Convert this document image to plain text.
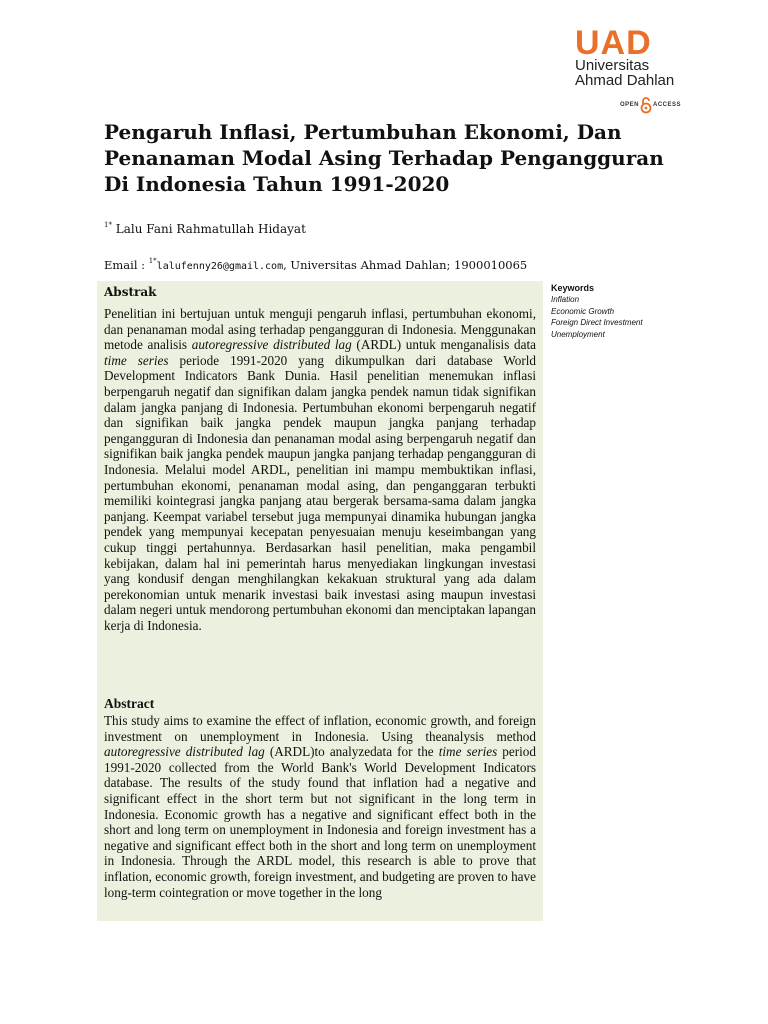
UAD
Universitas
Ahmad Dahlan
OPEN ACCESS
Pengaruh Inflasi, Pertumbuhan Ekonomi, Dan Penanaman Modal Asing Terhadap Pengangguran Di Indonesia Tahun 1991-2020
$^{1*}$ Lalu Fani Rahmatullah Hidayat
Email : $^{1*}$lalufenny26@gmail.com, Universitas Ahmad Dahlan; 1900010065
Abstrak

Penelitian ini bertujuan untuk menguji pengaruh inflasi, pertumbuhan ekonomi, dan penanaman modal asing terhadap pengangguran di Indonesia. Menggunakan metode analisis autoregressive distributed lag (ARDL) untuk menganalisis data time series periode 1991-2020 yang dikumpulkan dari database World Development Indicators Bank Dunia. Hasil penelitian menemukan inflasi berpengaruh negatif dan signifikan dalam jangka pendek namun tidak signifikan dalam jangka panjang di Indonesia. Pertumbuhan ekonomi berpengaruh negatif dan signifikan baik jangka pendek maupun jangka panjang terhadap pengangguran di Indonesia dan penanaman modal asing berpengaruh negatif dan signifikan baik jangka pendek maupun jangka panjang terhadap pengangguran di Indonesia. Melalui model ARDL, penelitian ini mampu membuktikan inflasi, pertumbuhan ekonomi, penanaman modal asing, dan penganggaran terbukti memiliki kointegrasi jangka panjang atau bergerak bersama-sama dalam jangka panjang. Keempat variabel tersebut juga mempunyai dinamika hubungan jangka pendek yang mempunyai kecepatan penyesuaian menuju keseimbangan yang cukup tinggi pertahunnya. Berdasarkan hasil penelitian, maka pengambil kebijakan, dalam hal ini pemerintah harus menyediakan lingkungan investasi yang kondusif dengan menghilangkan kekakuan struktural yang ada dalam perekonomian untuk menarik investasi baik investasi asing maupun investasi dalam negeri untuk mendorong pertumbuhan ekonomi dan menciptakan lapangan kerja di Indonesia.

Abstract

This study aims to examine the effect of inflation, economic growth, and foreign investment on unemployment in Indonesia. Using theanalysis method autoregressive distributed lag (ARDL)to analyzedata for the time series period 1991-2020 collected from the World Bank's World Development Indicators database. The results of the study found that inflation had a negative and significant effect in the short term but not significant in the long term in Indonesia. Economic growth has a negative and significant effect both in the short and long term on unemployment in Indonesia and foreign investment has a negative and significant effect both in the short and long term on unemployment in Indonesia. Through the ARDL model, this research is able to prove that inflation, economic growth, foreign investment, and budgeting are proven to have long-term cointegration or move together in the long

Keywords
Inflation
Economic Growth
Foreign Direct Investment
Unemployment
